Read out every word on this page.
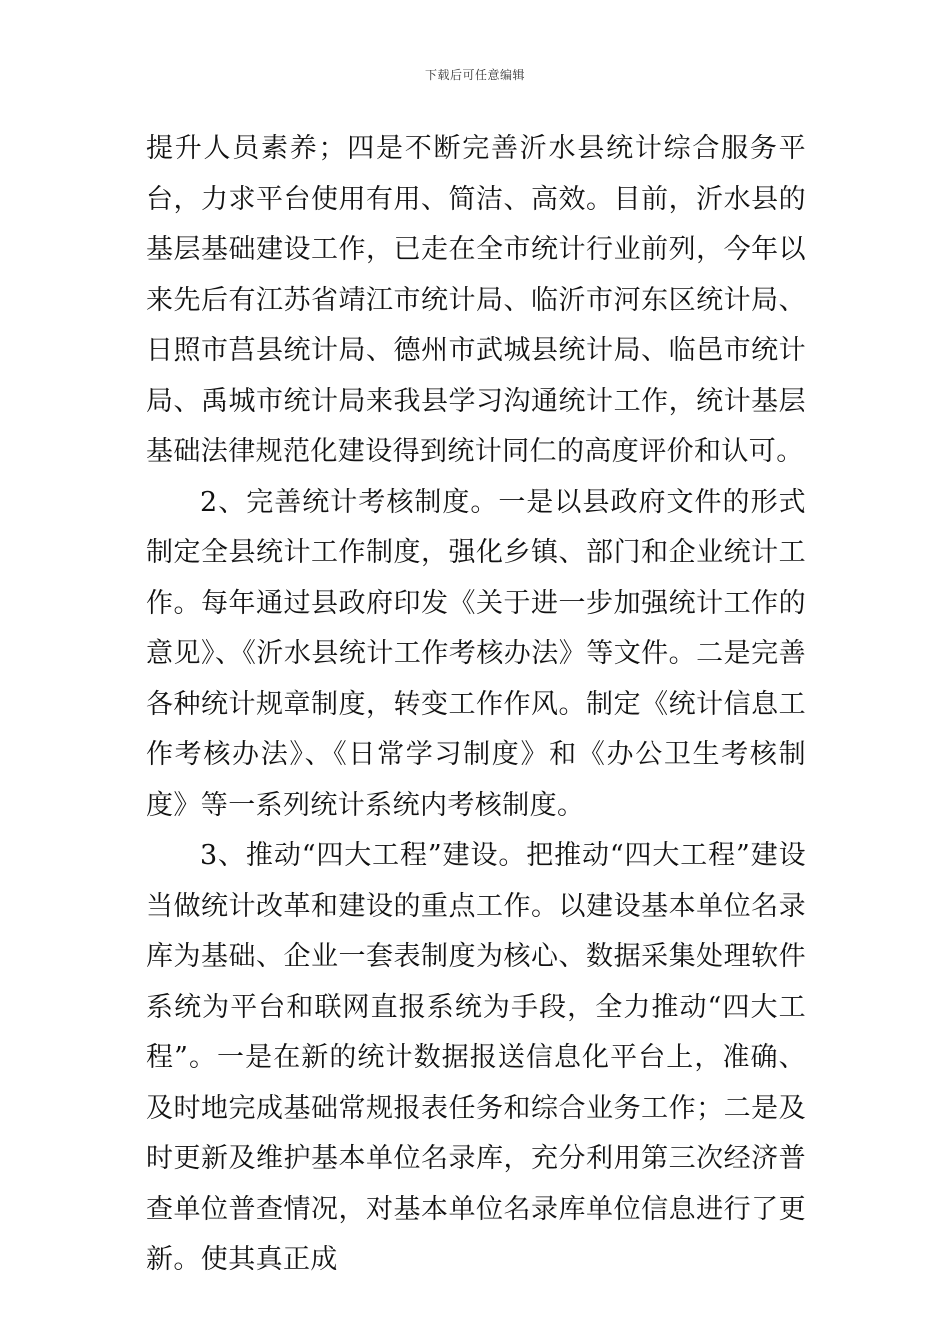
下载后可任意编辑

提升人员素养；四是不断完善沂水县统计综合服务平台，力求平台使用有用、简洁、高效。目前，沂水县的基层基础建设工作，已走在全市统计行业前列，今年以来先后有江苏省靖江市统计局、临沂市河东区统计局、日照市莒县统计局、德州市武城县统计局、临邑市统计局、禹城市统计局来我县学习沟通统计工作，统计基层基础法律规范化建设得到统计同仁的高度评价和认可。

2、完善统计考核制度。一是以县政府文件的形式制定全县统计工作制度，强化乡镇、部门和企业统计工作。每年通过县政府印发《关于进一步加强统计工作的意见》、《沂水县统计工作考核办法》等文件。二是完善各种统计规章制度，转变工作作风。制定《统计信息工作考核办法》、《日常学习制度》和《办公卫生考核制度》等一系列统计系统内考核制度。

3、推动“四大工程”建设。把推动“四大工程”建设当做统计改革和建设的重点工作。以建设基本单位名录库为基础、企业一套表制度为核心、数据采集处理软件系统为平台和联网直报系统为手段，全力推动“四大工程”。一是在新的统计数据报送信息化平台上，准确、及时地完成基础常规报表任务和综合业务工作；二是及时更新及维护基本单位名录库，充分利用第三次经济普查单位普查情况，对基本单位名录库单位信息进行了更新。使其真正成
